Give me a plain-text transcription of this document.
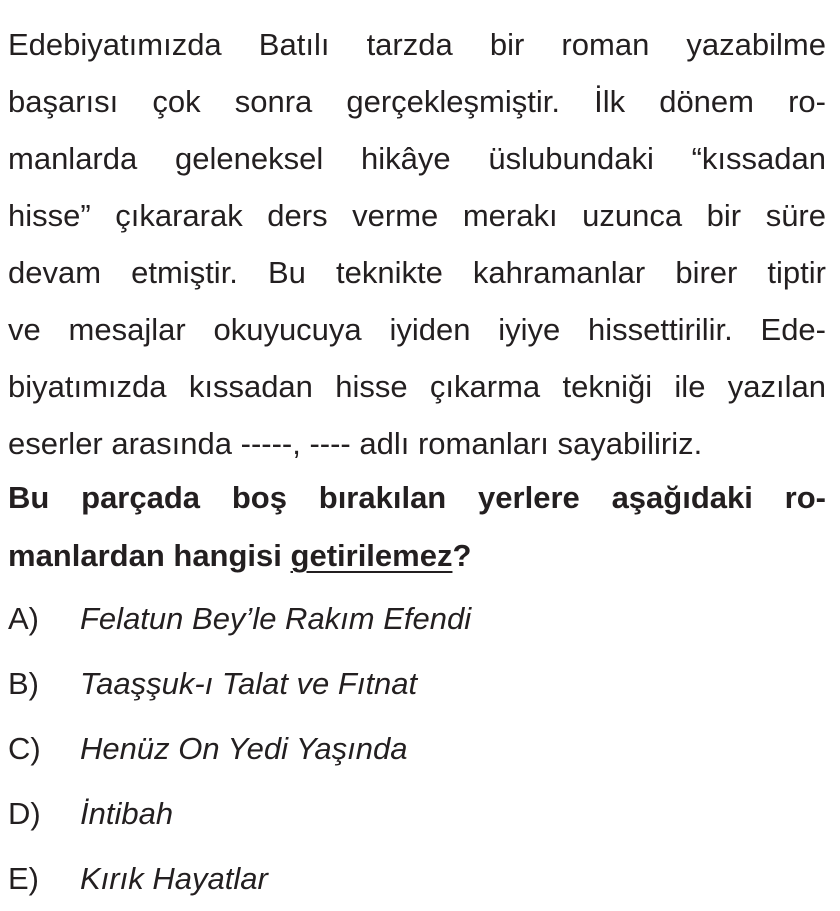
Edebiyatımızda Batılı tarzda bir roman yazabilme
başarısı çok sonra gerçekleşmiştir. İlk dönem ro-
manlarda geleneksel hikâye üslubundaki “kıssadan
hisse” çıkararak ders verme merakı uzunca bir süre
devam etmiştir. Bu teknikte kahramanlar birer tiptir
ve mesajlar okuyucuya iyiden iyiye hissettirilir. Ede-
biyatımızda kıssadan hisse çıkarma tekniği ile yazılan
eserler arasında -----, ---- adlı romanları sayabiliriz.
Bu parçada boş bırakılan yerlere aşağıdaki ro-
manlardan hangisi getirilemez?
A)	Felatun Bey’le Rakım Efendi
B)	Taaşşuk-ı Talat ve Fıtnat
C)	Henüz On Yedi Yaşında
D)	İntibah
E)	Kırık Hayatlar
